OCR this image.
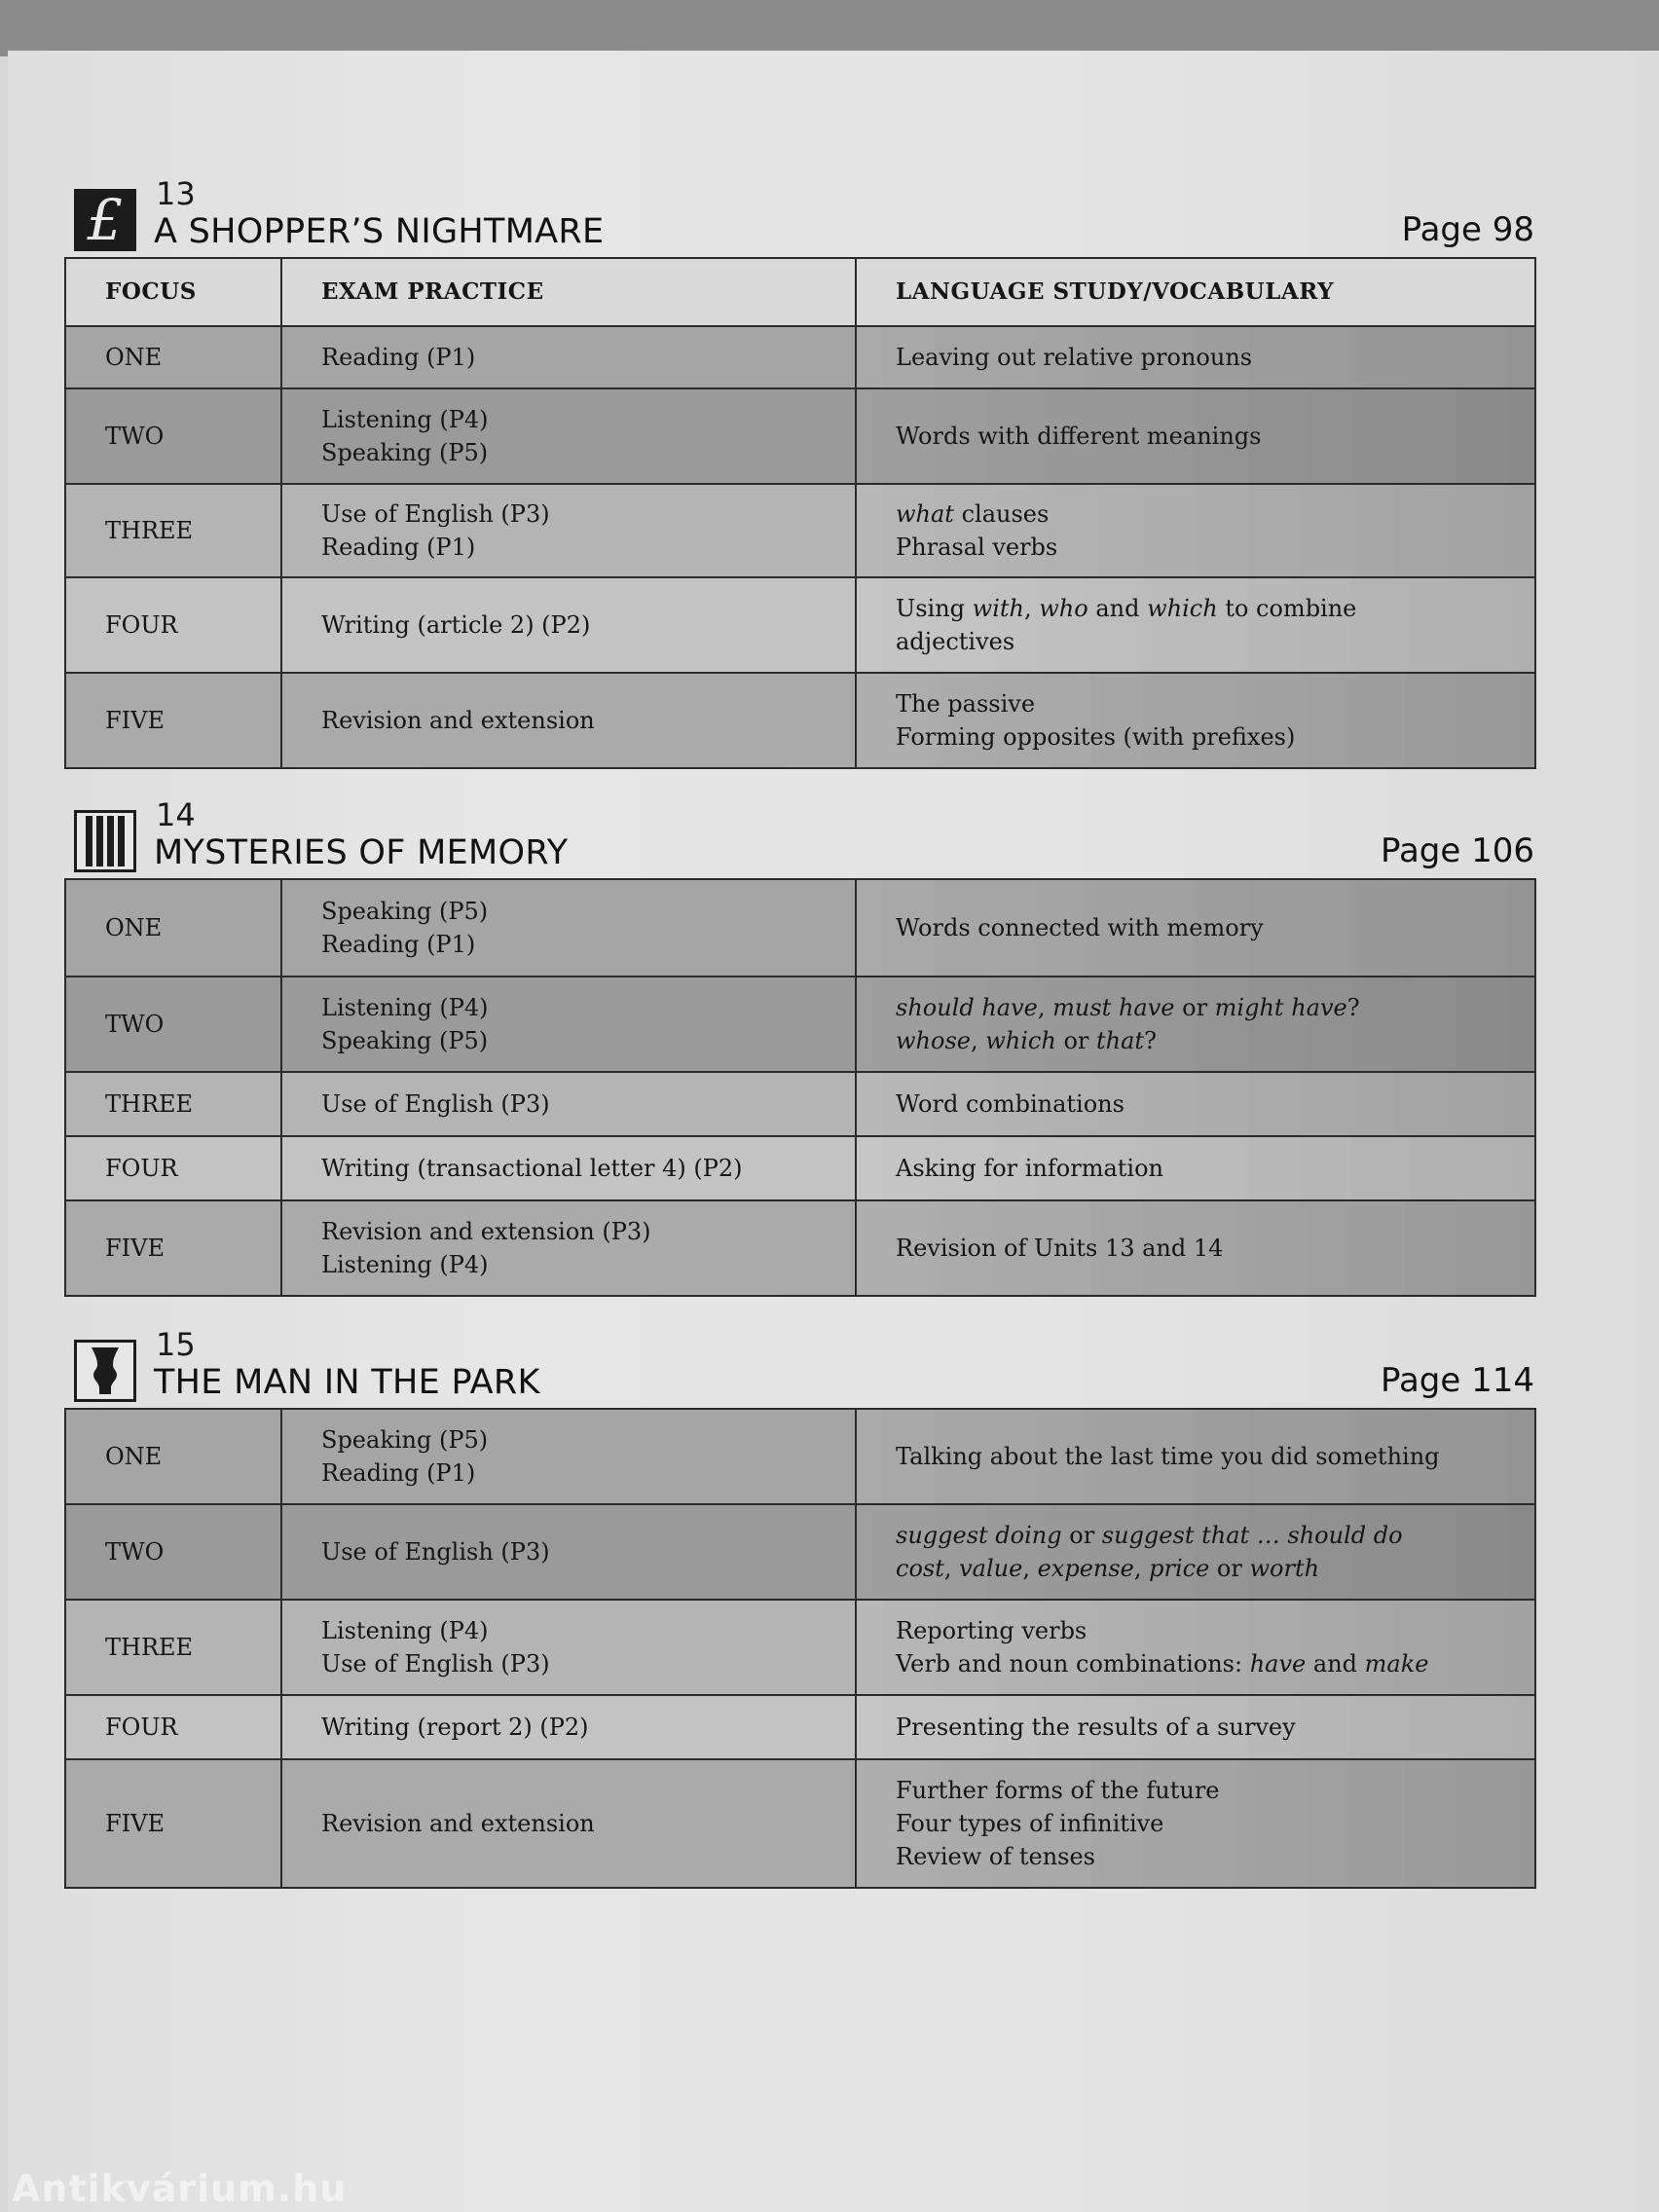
Antikvárium.hu
£	13
A SHOPPER’S NIGHTMARE	Page 98
FOCUS	EXAM PRACTICE	LANGUAGE STUDY/VOCABULARY
ONE	Reading (P1)	Leaving out relative pronouns

TWO	Listening (P4)
Speaking (P5)	Words with different meanings

THREE	Use of English (P3)
Reading (P1)	what clauses
Phrasal verbs

FOUR	Writing (article 2) (P2)	Using with, who and which to combine
adjectives

FIVE	Revision and extension	The passive
Forming opposites (with prefixes)
14
MYSTERIES OF MEMORY	Page 106
ONE	Speaking (P5)
Reading (P1)	Words connected with memory

TWO	Listening (P4)
Speaking (P5)	should have, must have or might have?
whose, which or that?

THREE	Use of English (P3)	Word combinations

FOUR	Writing (transactional letter 4) (P2)	Asking for information

FIVE	Revision and extension (P3)
Listening (P4)	Revision of Units 13 and 14
15
THE MAN IN THE PARK	Page 114
ONE	Speaking (P5)
Reading (P1)	Talking about the last time you did something

TWO	Use of English (P3)	suggest doing or suggest that … should do
cost, value, expense, price or worth

THREE	Listening (P4)
Use of English (P3)	Reporting verbs
Verb and noun combinations: have and make

FOUR	Writing (report 2) (P2)	Presenting the results of a survey

FIVE	Revision and extension	Further forms of the future
Four types of infinitive
Review of tenses
